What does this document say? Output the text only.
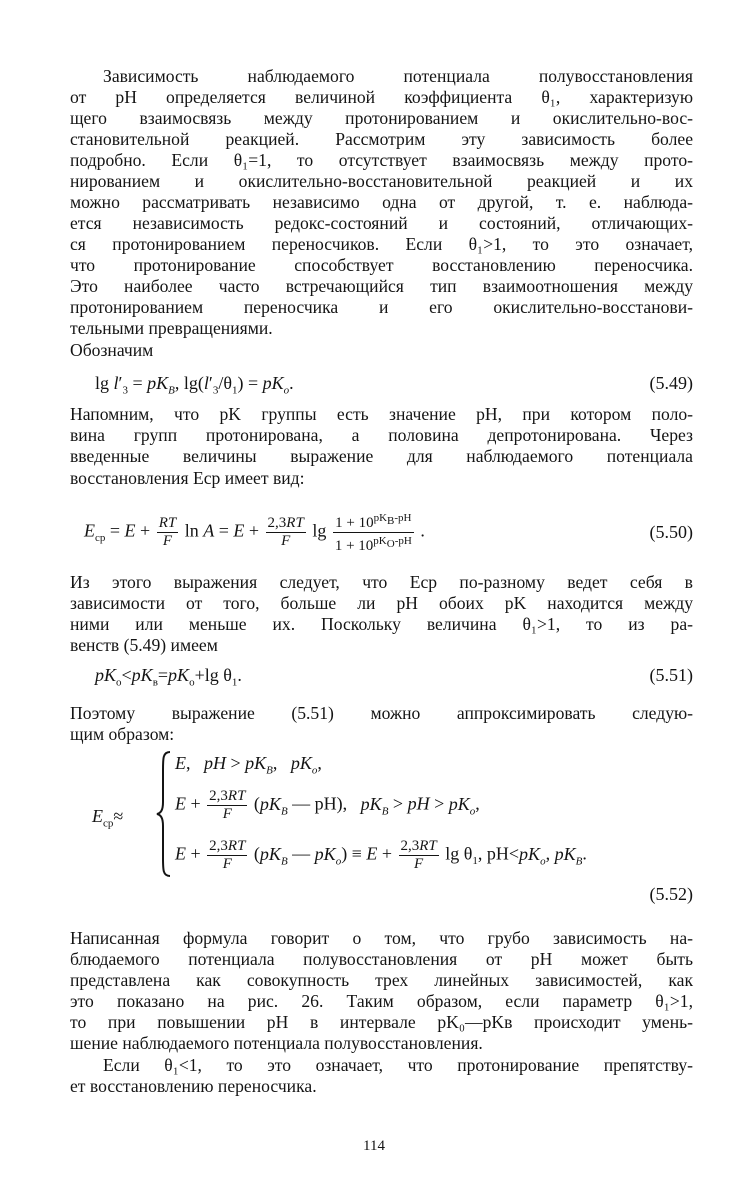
Зависимость наблюдаемого потенциала полувосстановления
от pH определяется величиной коэффициента θ₁, характеризую
щего взаимосвязь между протонированием и окислительно-вос-
становительной реакцией. Рассмотрим эту зависимость более
подробно. Если θ₁=1, то отсутствует взаимосвязь между прото-
нированием и окислительно-восстановительной реакцией и их
можно рассматривать независимо одна от другой, т. е. наблюда-
ется независимость редокс-состояний и состояний, отличающих-
ся протонированием переносчиков. Если θ₁>1, то это означает,
что протонирование способствует восстановлению переносчика.
Это наиболее часто встречающийся тип взаимоотношения между
протонированием переносчика и его окислительно-восстанови-
тельными превращениями.
Обозначим
$\lg l'_3 = pK_B$, $\lg(l'_3/\theta_1) = pK_o$.	(5.49)
Напомним, что pK группы есть значение pH, при котором поло-
вина групп протонирована, а половина депротонирована. Через
введенные величины выражение для наблюдаемого потенциала
восстановления Eср имеет вид:
$E_{ср} = E + \frac{RT}{F}$ $\ln A = E + \frac{2,3RT}{F}$ $\lg \frac{1 + 10^{pK_B-pH}}{1 + 10^{pK_O-pH}}$ .	(5.50)
Из этого выражения следует, что Eср по-разному ведет себя в
зависимости от того, больше ли pH обоих pK находится между
ними или меньше их. Поскольку величина θ₁>1, то из ра-
венств (5.49) имеем
$pK_o<pK_в=pK_o+\lg$ $\theta_1$.	(5.51)
Поэтому выражение (5.51) можно аппроксимировать следую-
щим образом:
$E_{ср}\approx$
E,   pH > $pK_B$,   $pK_o$,
$E + \frac{2,3RT}{F} (pK_B$ — pH),   $pK_B$ > pH > $pK_o$,
$E + \frac{2,3RT}{F} (pK_B$ — $pK_o) \equiv E + \frac{2,3RT}{F}$ $\lg \theta_1$, $pH<pK_o$, $pK_B$.
(5.52)
Написанная формула говорит о том, что грубо зависимость на-
блюдаемого потенциала полувосстановления от pH может быть
представлена как совокупность трех линейных зависимостей, как
это показано на рис. 26. Таким образом, если параметр θ₁>1,
то при повышении pH в интервале pK₀—pKв происходит умень-
шение наблюдаемого потенциала полувосстановления.
Если θ₁<1, то это означает, что протонирование препятству-
ет восстановлению переносчика.
114
